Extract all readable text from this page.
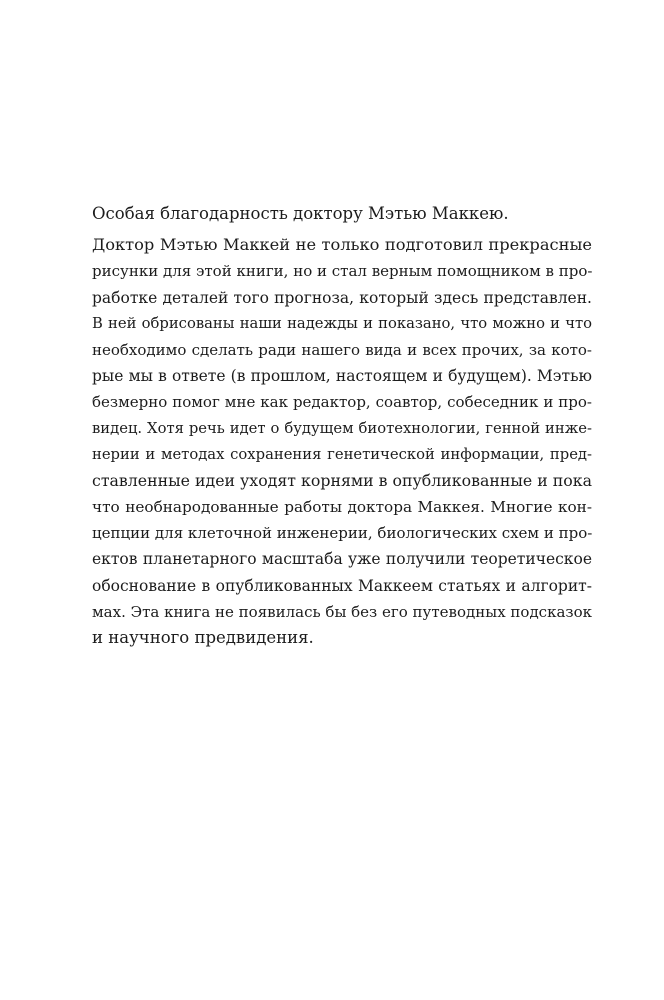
Особая благодарность доктору Мэтью Маккею.
Доктор Мэтью Маккей не только подготовил прекрасные
рисунки для этой книги, но и стал верным помощником в про-
работке деталей того прогноза, который здесь представлен.
В ней обрисованы наши надежды и показано, что можно и что
необходимо сделать ради нашего вида и всех прочих, за кото-
рые мы в ответе (в прошлом, настоящем и будущем). Мэтью
безмерно помог мне как редактор, соавтор, собеседник и про-
видец. Хотя речь идет о будущем биотехнологии, генной инже-
нерии и методах сохранения генетической информации, пред-
ставленные идеи уходят корнями в опубликованные и пока
что необнародованные работы доктора Маккея. Многие кон-
цепции для клеточной инженерии, биологических схем и про-
ектов планетарного масштаба уже получили теоретическое
обоснование в опубликованных Маккеем статьях и алгорит-
мах. Эта книга не появилась бы без его путеводных подсказок
и научного предвидения.
